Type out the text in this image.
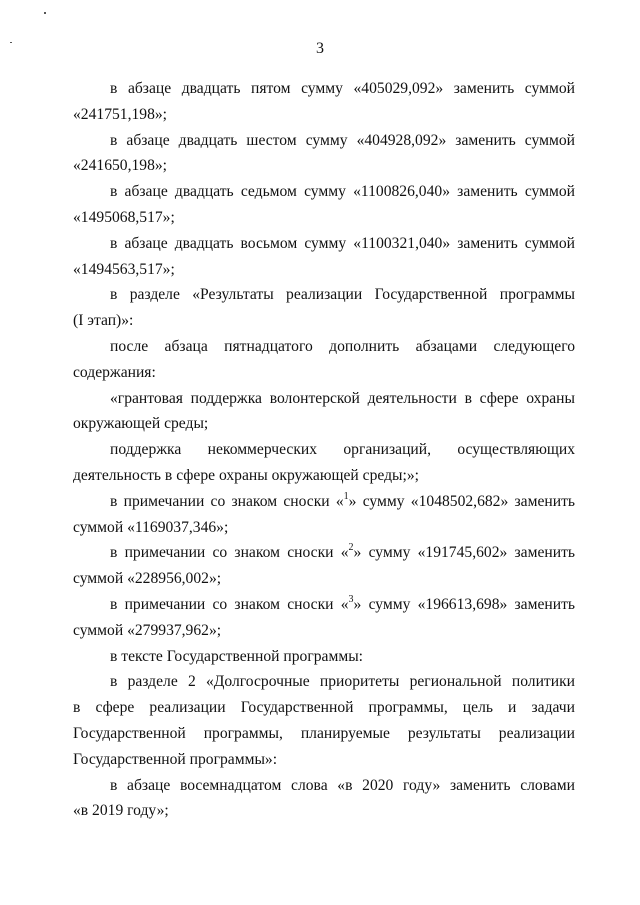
3
в абзаце двадцать пятом сумму «405029,092» заменить суммой
«241751,198»;
в абзаце двадцать шестом сумму «404928,092» заменить суммой
«241650,198»;
в абзаце двадцать седьмом сумму «1100826,040» заменить суммой
«1495068,517»;
в абзаце двадцать восьмом сумму «1100321,040» заменить суммой
«1494563,517»;
в разделе «Результаты реализации Государственной программы
(I этап)»:
после абзаца пятнадцатого дополнить абзацами следующего
содержания:
«грантовая поддержка волонтерской деятельности в сфере охраны
окружающей среды;
поддержка некоммерческих организаций, осуществляющих
деятельность в сфере охраны окружающей среды;»;
в примечании со знаком сноски «$^1$» сумму «1048502,682» заменить
суммой «1169037,346»;
в примечании со знаком сноски «$^2$» сумму «191745,602» заменить
суммой «228956,002»;
в примечании со знаком сноски «$^3$» сумму «196613,698» заменить
суммой «279937,962»;
в тексте Государственной программы:
в разделе 2 «Долгосрочные приоритеты региональной политики
в сфере реализации Государственной программы, цель и задачи
Государственной программы, планируемые результаты реализации
Государственной программы»:
в абзаце восемнадцатом слова «в 2020 году» заменить словами
«в 2019 году»;
